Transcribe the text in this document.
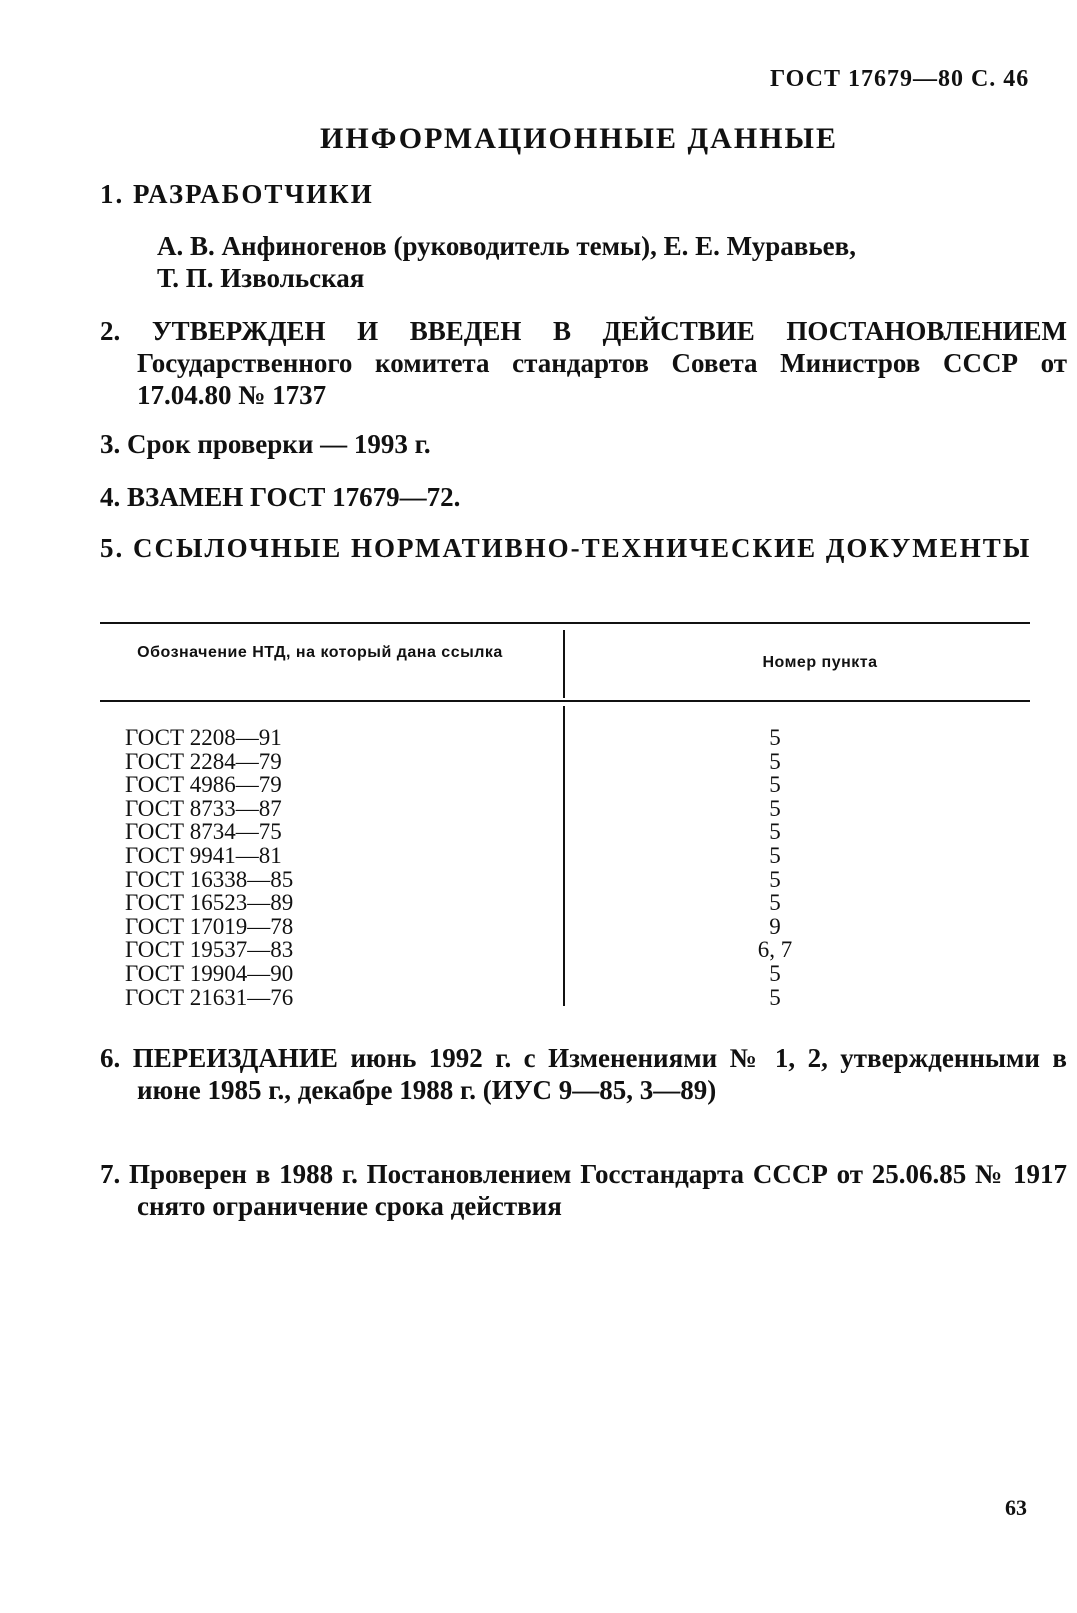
ГОСТ 17679—80 С. 46
ИНФОРМАЦИОННЫЕ ДАННЫЕ
1. РАЗРАБОТЧИКИ
А. В. Анфиногенов (руководитель темы), Е. Е. Муравьев,
Т. П. Извольская
2. УТВЕРЖДЕН И ВВЕДЕН В ДЕЙСТВИЕ ПОСТАНОВЛЕНИЕМ Государственного комитета стандартов Совета Министров СССР от 17.04.80 № 1737
3. Срок проверки — 1993 г.
4. ВЗАМЕН ГОСТ 17679—72.
5. ССЫЛОЧНЫЕ НОРМАТИВНО-ТЕХНИЧЕСКИЕ ДОКУМЕНТЫ
Обозначение НТД, на который дана ссылка
Номер пункта
ГОСТ 2208—91
ГОСТ 2284—79
ГОСТ 4986—79
ГОСТ 8733—87
ГОСТ 8734—75
ГОСТ 9941—81
ГОСТ 16338—85
ГОСТ 16523—89
ГОСТ 17019—78
ГОСТ 19537—83
ГОСТ 19904—90
ГОСТ 21631—76
5
5
5
5
5
5
5
5
9
6, 7
5
5
6. ПЕРЕИЗДАНИЕ июнь 1992 г. с Изменениями № 1, 2, утвержденными в июне 1985 г., декабре 1988 г. (ИУС 9—85, 3—89)
7. Проверен в 1988 г. Постановлением Госстандарта СССР от 25.06.85 № 1917 снято ограничение срока действия
63
